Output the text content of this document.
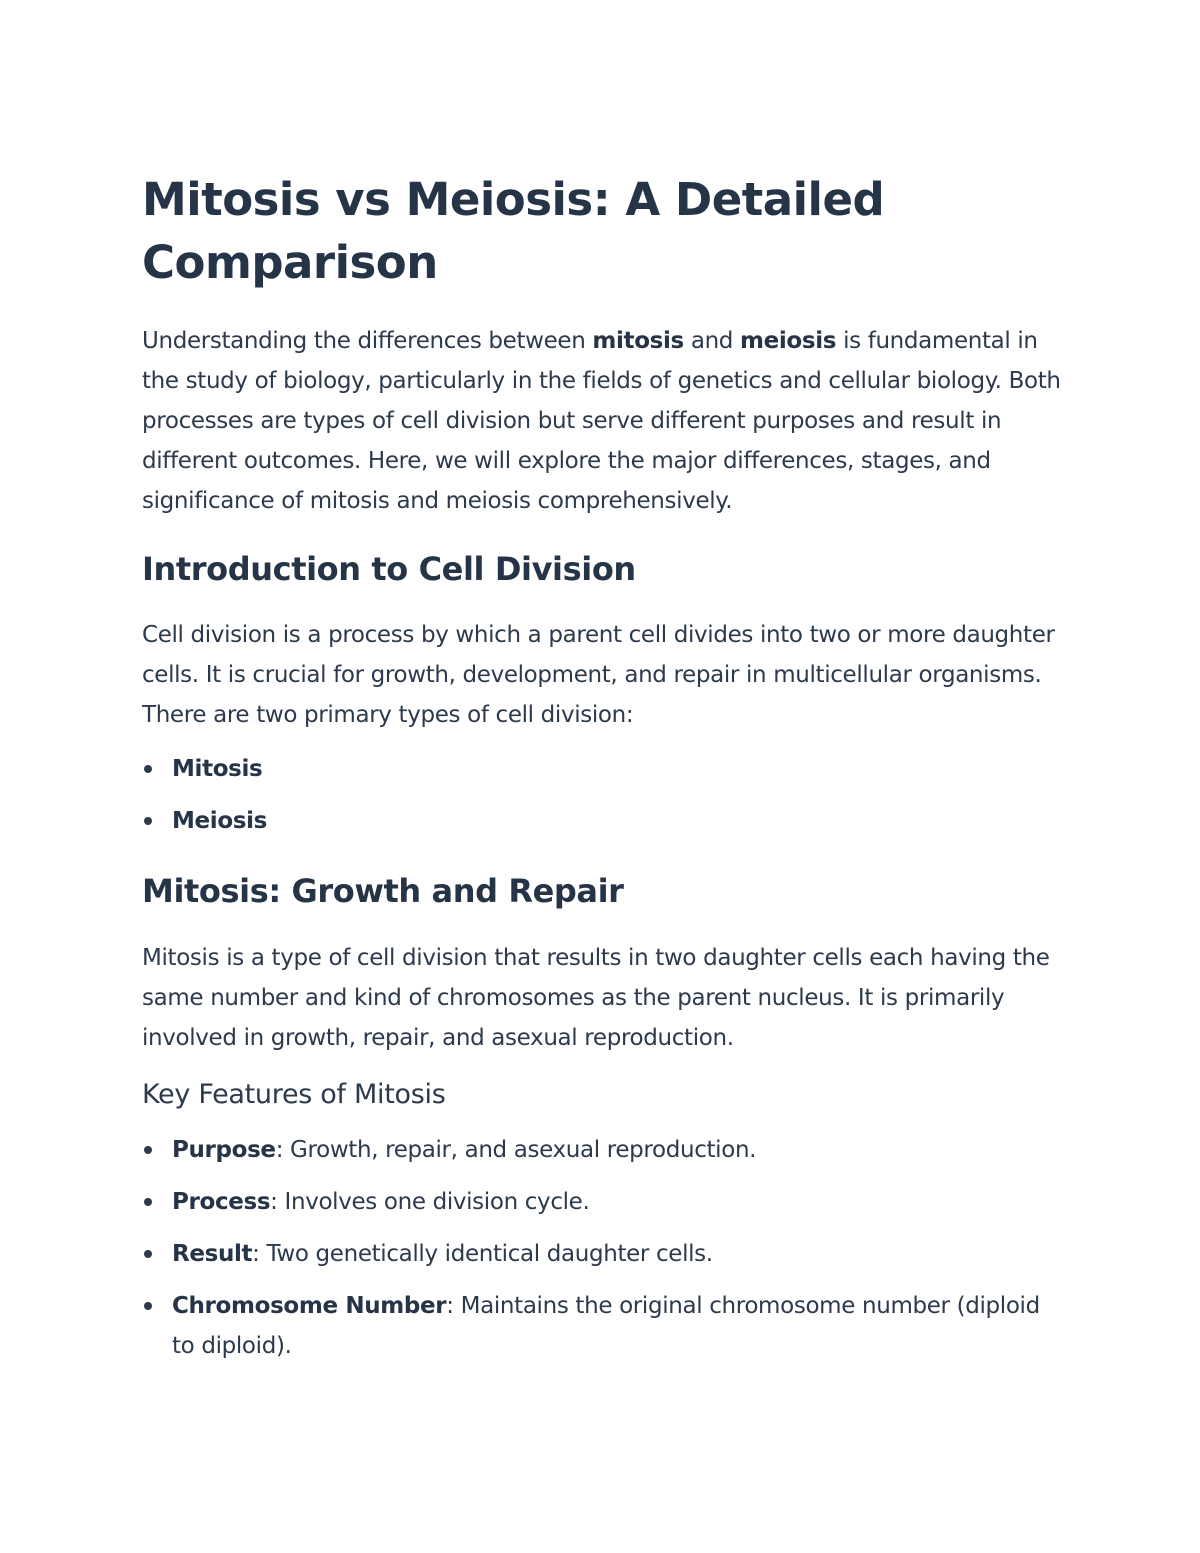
Mitosis vs Meiosis: A Detailed Comparison

Understanding the differences between mitosis and meiosis is fundamental in the study of biology, particularly in the fields of genetics and cellular biology. Both processes are types of cell division but serve different purposes and result in different outcomes. Here, we will explore the major differences, stages, and significance of mitosis and meiosis comprehensively.

Introduction to Cell Division

Cell division is a process by which a parent cell divides into two or more daughter cells. It is crucial for growth, development, and repair in multicellular organisms. There are two primary types of cell division:

Mitosis
Meiosis
Mitosis: Growth and Repair

Mitosis is a type of cell division that results in two daughter cells each having the same number and kind of chromosomes as the parent nucleus. It is primarily involved in growth, repair, and asexual reproduction.

Key Features of Mitosis
Purpose: Growth, repair, and asexual reproduction.
Process: Involves one division cycle.
Result: Two genetically identical daughter cells.
Chromosome Number: Maintains the original chromosome number (diploid to diploid).
